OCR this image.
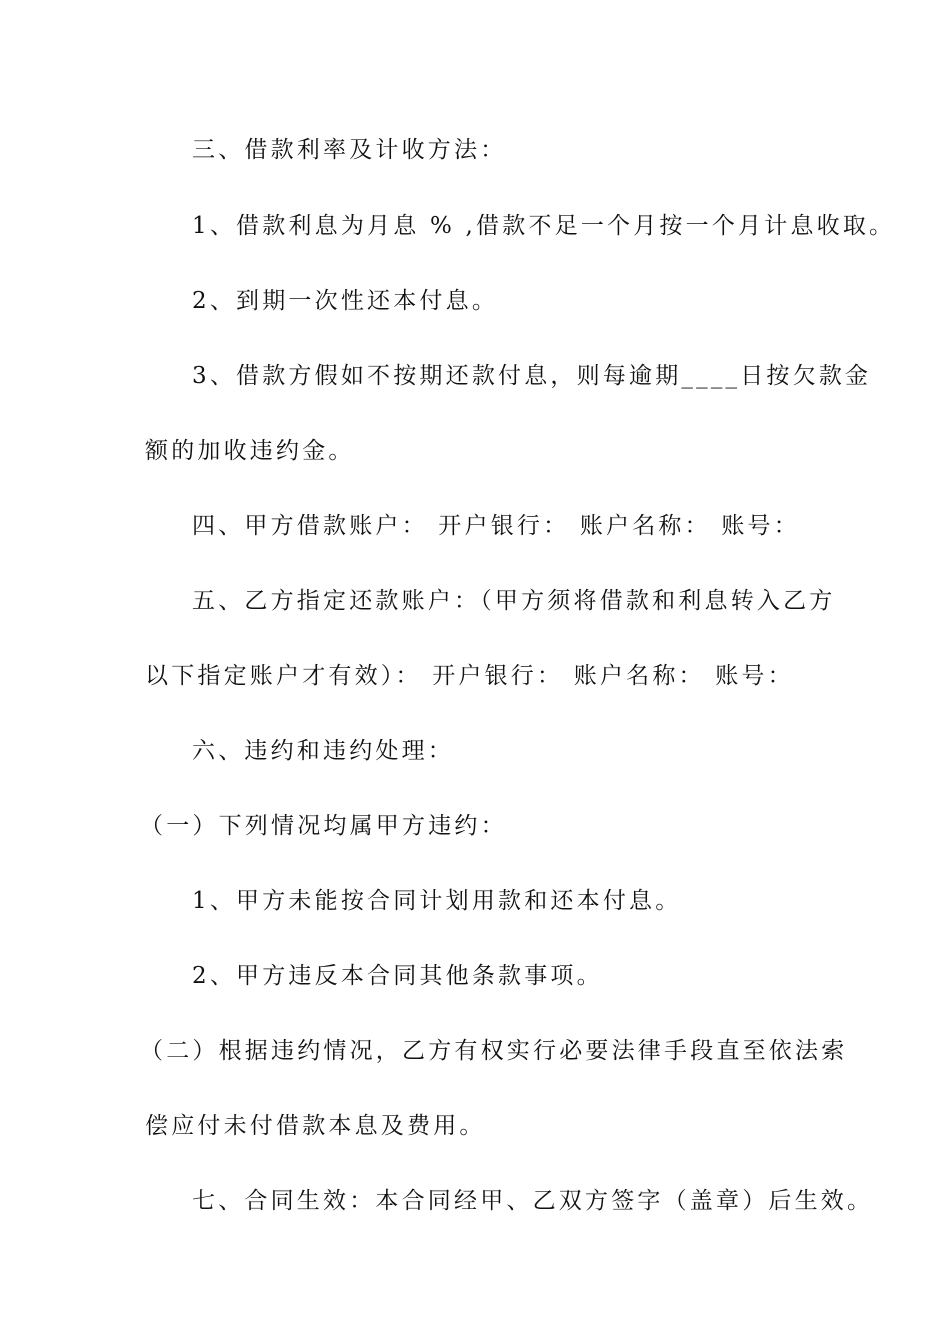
三、借款利率及计收方法：
1、借款利息为月息 % ,借款不足一个月按一个月计息收取。
2、到期一次性还本付息。
3、借款方假如不按期还款付息，则每逾期____日按欠款金
额的加收违约金。
四、甲方借款账户： 开户银行： 账户名称： 账号：
五、乙方指定还款账户：（甲方须将借款和利息转入乙方
以下指定账户才有效）： 开户银行： 账户名称： 账号：
六、违约和违约处理：
（一）下列情况均属甲方违约：
1、甲方未能按合同计划用款和还本付息。
2、甲方违反本合同其他条款事项。
（二）根据违约情况，乙方有权实行必要法律手段直至依法索
偿应付未付借款本息及费用。
七、合同生效：本合同经甲、乙双方签字（盖章）后生效。
